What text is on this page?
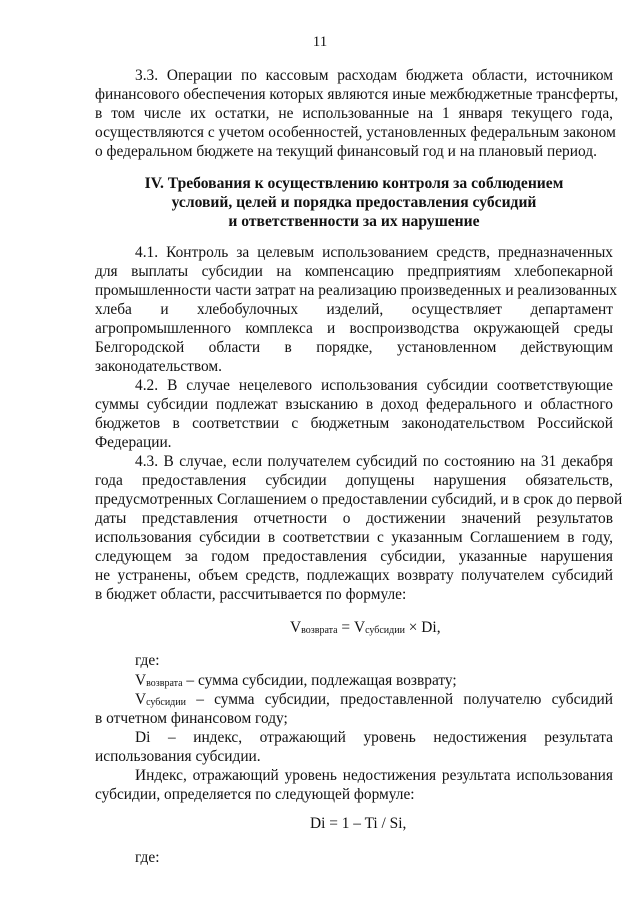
11
3.3. Операции по кассовым расходам бюджета области, источником
финансового обеспечения которых являются иные межбюджетные трансферты,
в том числе их остатки, не использованные на 1 января текущего года,
осуществляются с учетом особенностей, установленных федеральным законом
о федеральном бюджете на текущий финансовый год и на плановый период.
IV. Требования к осуществлению контроля за соблюдением
условий, целей и порядка предоставления субсидий
и ответственности за их нарушение
4.1. Контроль за целевым использованием средств, предназначенных
для выплаты субсидии на компенсацию предприятиям хлебопекарной
промышленности части затрат на реализацию произведенных и реализованных
хлеба и хлебобулочных изделий, осуществляет департамент
агропромышленного комплекса и воспроизводства окружающей среды
Белгородской области в порядке, установленном действующим
законодательством.
4.2. В случае нецелевого использования субсидии соответствующие
суммы субсидии подлежат взысканию в доход федерального и областного
бюджетов в соответствии с бюджетным законодательством Российской
Федерации.
4.3. В случае, если получателем субсидий по состоянию на 31 декабря
года предоставления субсидии допущены нарушения обязательств,
предусмотренных Соглашением о предоставлении субсидий, и в срок до первой
даты представления отчетности о достижении значений результатов
использования субсидии в соответствии с указанным Соглашением в году,
следующем за годом предоставления субсидии, указанные нарушения
не устранены, объем средств, подлежащих возврату получателем субсидий
в бюджет области, рассчитывается по формуле:
$V_{возврата} = V_{субсидии} \times Di$,
где:
$V_{возврата}$ – сумма субсидии, подлежащая возврату;
$V_{субсидии}$ – сумма субсидии, предоставленной получателю субсидий
в отчетном финансовом году;
Di – индекс, отражающий уровень недостижения результата
использования субсидии.
Индекс, отражающий уровень недостижения результата использования
субсидии, определяется по следующей формуле:
Di = 1 – Ti / Si,
где:
